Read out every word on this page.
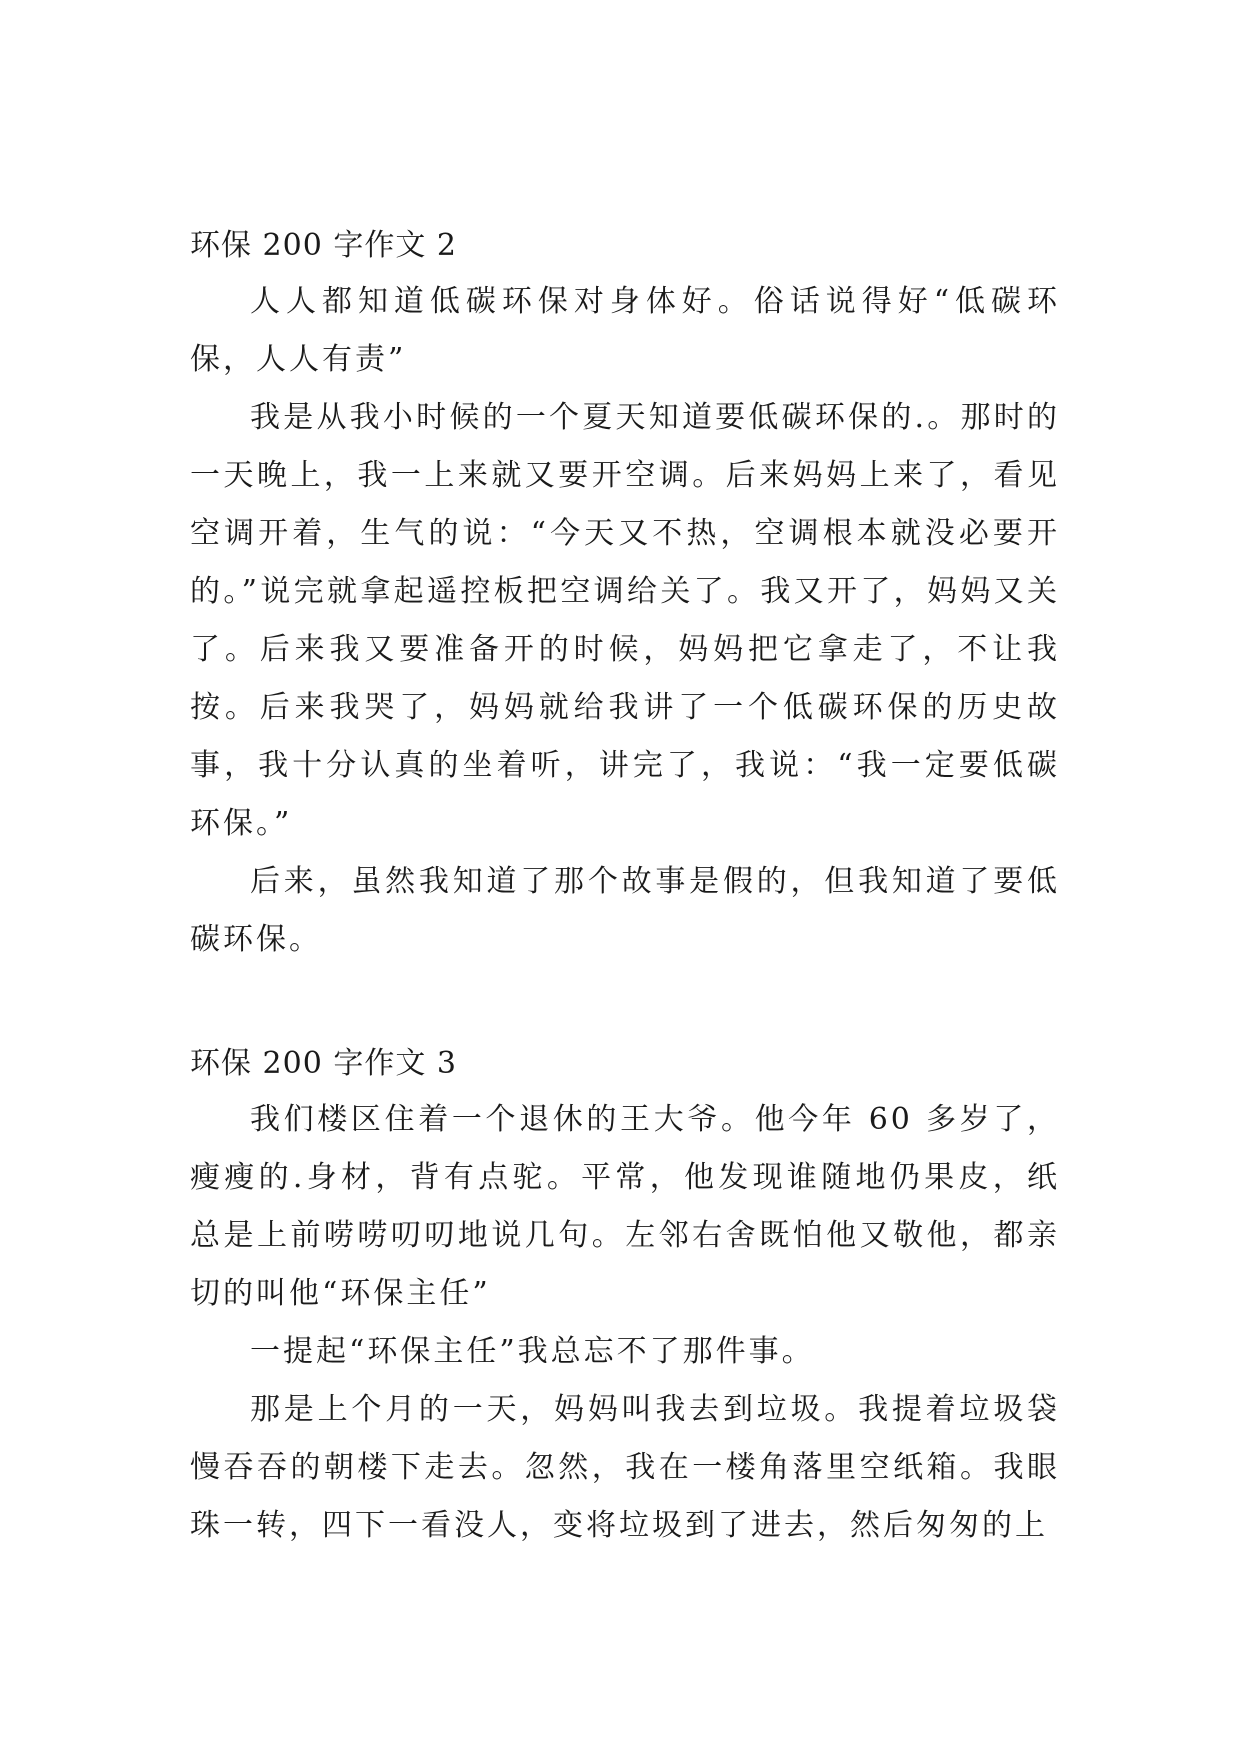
环保 200 字作文 2

人人都知道低碳环保对身体好。俗话说得好“低碳环保，人人有责”

我是从我小时候的一个夏天知道要低碳环保的.。那时的一天晚上，我一上来就又要开空调。后来妈妈上来了，看见空调开着，生气的说：“今天又不热，空调根本就没必要开的。”说完就拿起遥控板把空调给关了。我又开了，妈妈又关了。后来我又要准备开的时候，妈妈把它拿走了，不让我按。后来我哭了，妈妈就给我讲了一个低碳环保的历史故事，我十分认真的坐着听，讲完了，我说：“我一定要低碳环保。”

后来，虽然我知道了那个故事是假的，但我知道了要低碳环保。

环保 200 字作文 3

我们楼区住着一个退休的王大爷。他今年 60 多岁了，瘦瘦的.身材，背有点驼。平常，他发现谁随地仍果皮，纸总是上前唠唠叨叨地说几句。左邻右舍既怕他又敬他，都亲切的叫他“环保主任”

一提起“环保主任”我总忘不了那件事。

那是上个月的一天，妈妈叫我去到垃圾。我提着垃圾袋慢吞吞的朝楼下走去。忽然，我在一楼角落里空纸箱。我眼珠一转，四下一看没人，变将垃圾到了进去，然后匆匆的上
